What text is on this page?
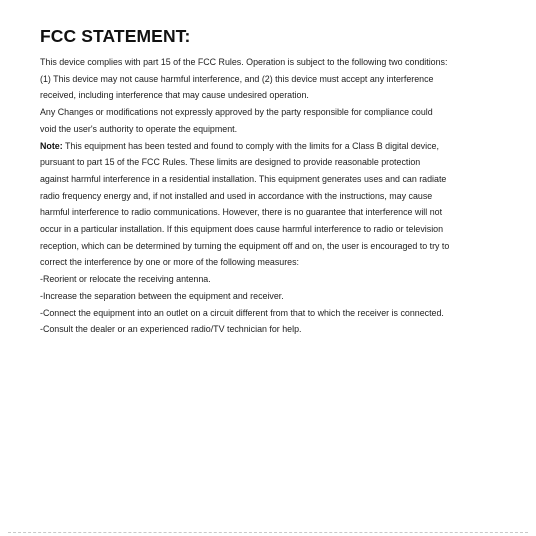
FCC STATEMENT:
This device complies with part 15 of the FCC Rules. Operation is subject to the following two conditions:
(1) This device may not cause harmful interference, and (2) this device must accept any interference
received, including interference that may cause undesired operation.
Any Changes or modifications not expressly approved by the party responsible for compliance could
void the user's authority to operate the equipment.
Note: This equipment has been tested and found to comply with the limits for a Class B digital device,
pursuant to part 15 of the FCC Rules. These limits are designed to provide reasonable protection
against harmful interference in a residential installation. This equipment generates uses and can radiate
radio frequency energy and, if not installed and used in accordance with the instructions, may cause
harmful interference to radio communications. However, there is no guarantee that interference will not
occur in a particular installation. If this equipment does cause harmful interference to radio or television
reception, which can be determined by turning the equipment off and on, the user is encouraged to try to
correct the interference by one or more of the following measures:
-Reorient or relocate the receiving antenna.
-Increase the separation between the equipment and receiver.
-Connect the equipment into an outlet on a circuit different from that to which the receiver is connected.
-Consult the dealer or an experienced radio/TV technician for help.
